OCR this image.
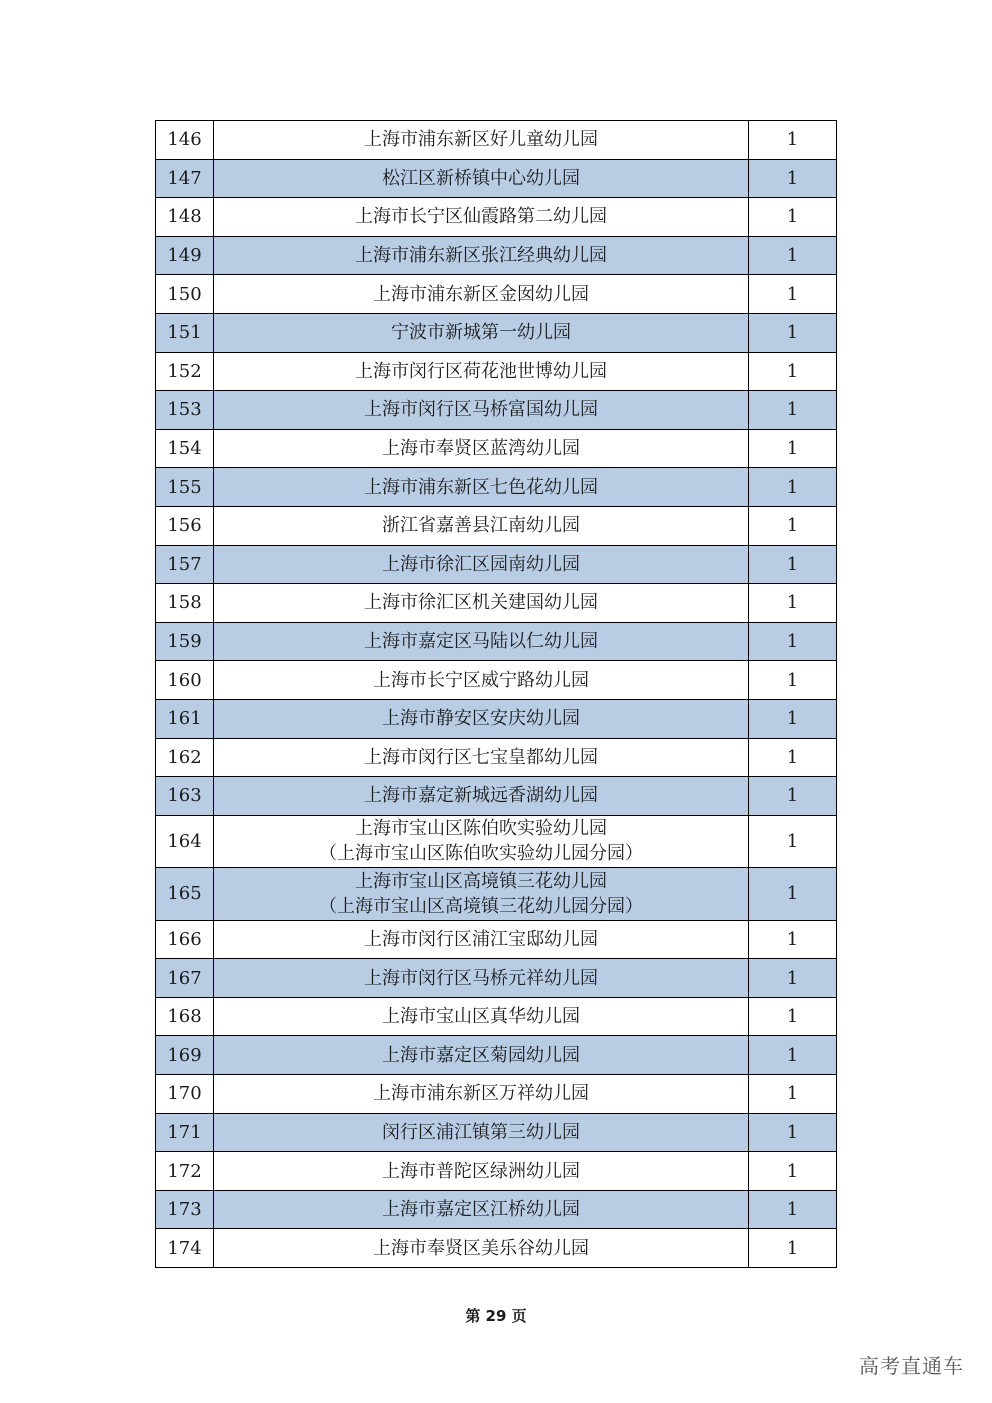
146	上海市浦东新区好儿童幼儿园	1
147	松江区新桥镇中心幼儿园	1
148	上海市长宁区仙霞路第二幼儿园	1
149	上海市浦东新区张江经典幼儿园	1
150	上海市浦东新区金囡幼儿园	1
151	宁波市新城第一幼儿园	1
152	上海市闵行区荷花池世博幼儿园	1
153	上海市闵行区马桥富国幼儿园	1
154	上海市奉贤区蓝湾幼儿园	1
155	上海市浦东新区七色花幼儿园	1
156	浙江省嘉善县江南幼儿园	1
157	上海市徐汇区园南幼儿园	1
158	上海市徐汇区机关建国幼儿园	1
159	上海市嘉定区马陆以仁幼儿园	1
160	上海市长宁区威宁路幼儿园	1
161	上海市静安区安庆幼儿园	1
162	上海市闵行区七宝皇都幼儿园	1
163	上海市嘉定新城远香湖幼儿园	1
164	上海市宝山区陈伯吹实验幼儿园
（上海市宝山区陈伯吹实验幼儿园分园）	1
165	上海市宝山区高境镇三花幼儿园
（上海市宝山区高境镇三花幼儿园分园）	1
166	上海市闵行区浦江宝邸幼儿园	1
167	上海市闵行区马桥元祥幼儿园	1
168	上海市宝山区真华幼儿园	1
169	上海市嘉定区菊园幼儿园	1
170	上海市浦东新区万祥幼儿园	1
171	闵行区浦江镇第三幼儿园	1
172	上海市普陀区绿洲幼儿园	1
173	上海市嘉定区江桥幼儿园	1
174	上海市奉贤区美乐谷幼儿园	1
第 29 页
高考直通车
